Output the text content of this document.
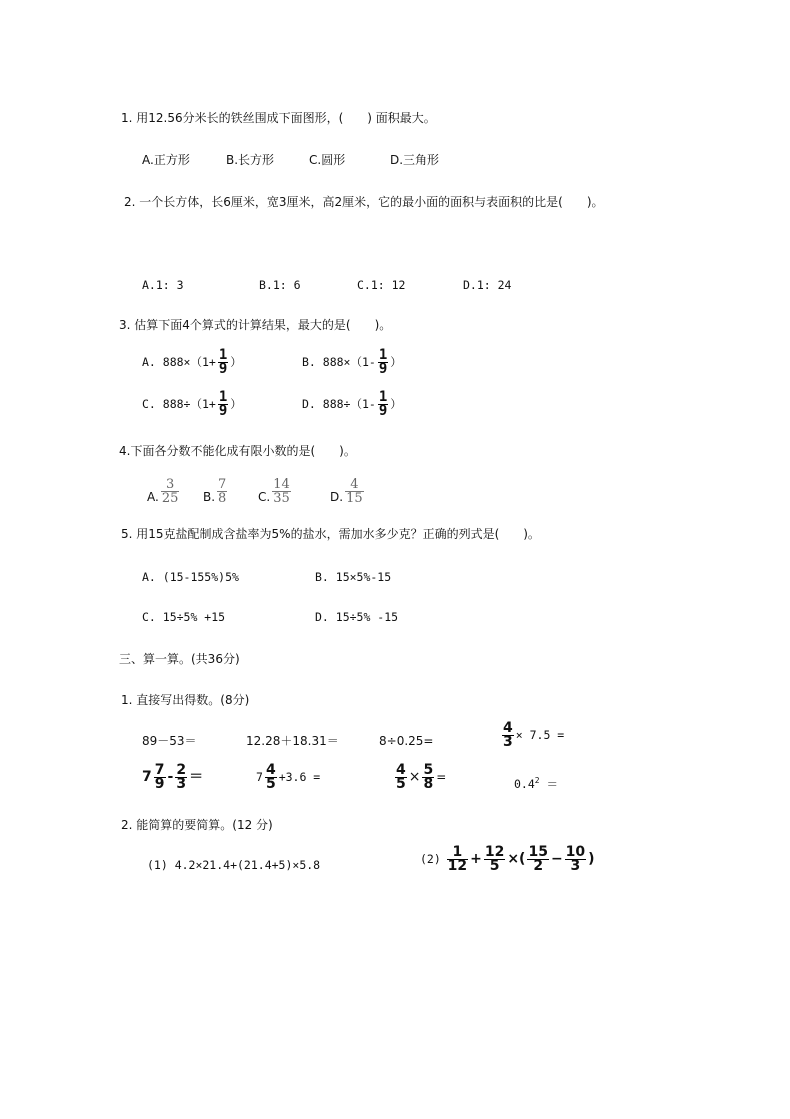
1. 用12.56分米长的铁丝围成下面图形，(　　) 面积最大。
A.正方形	B.长方形	C.圆形	D.三角形
2. 一个长方体，长6厘米，宽3厘米，高2厘米，它的最小面的面积与表面积的比是(　　)。
A.1: 3	B.1: 6	C.1: 12	D.1: 24
3. 估算下面4个算式的计算结果，最大的是(　　)。
A. $888\times(1+ \frac{1}{9}$ ）	B. $888\times(1- \frac{1}{9}$ ）
C. $888\div(1+ \frac{1}{9}$ ）	D. $888\div(1- \frac{1}{9}$ ）
4.下面各分数不能化成有限小数的是(　　)。
A. $\frac{3}{25} B$. $\frac{7}{8}$	C. $\frac{14}{35}$	D. $\frac{4}{15}$
5. 用15克盐配制成含盐率为5%的盐水，需加水多少克？正确的列式是(　　)。
A. (15-155%)5%	B. 15×5%-15
C. 15÷5% +15	D. 15÷5% -15
三、算一算。(共36分)
1. 直接写出得数。(8分)
89－53＝	12.28＋18.31＝	8÷0.25=	$\frac{4}{3} \times 7.5$ =
$7 \frac{7}{9} - \frac{2}{3}$ ＝	$7 \frac{4}{5} +3.6$ =	$\frac{4}{5} \times \frac{5}{8}$ =	$0.4^2$ ＝
2. 能简算的要简算。(12 分)
(1) 4.2×21.4+(21.4+5)×5.8	$(2) \frac{1}{12} + \frac{12}{5}$ ×( $\frac{15}{2} - \frac{10}{3}$ )
